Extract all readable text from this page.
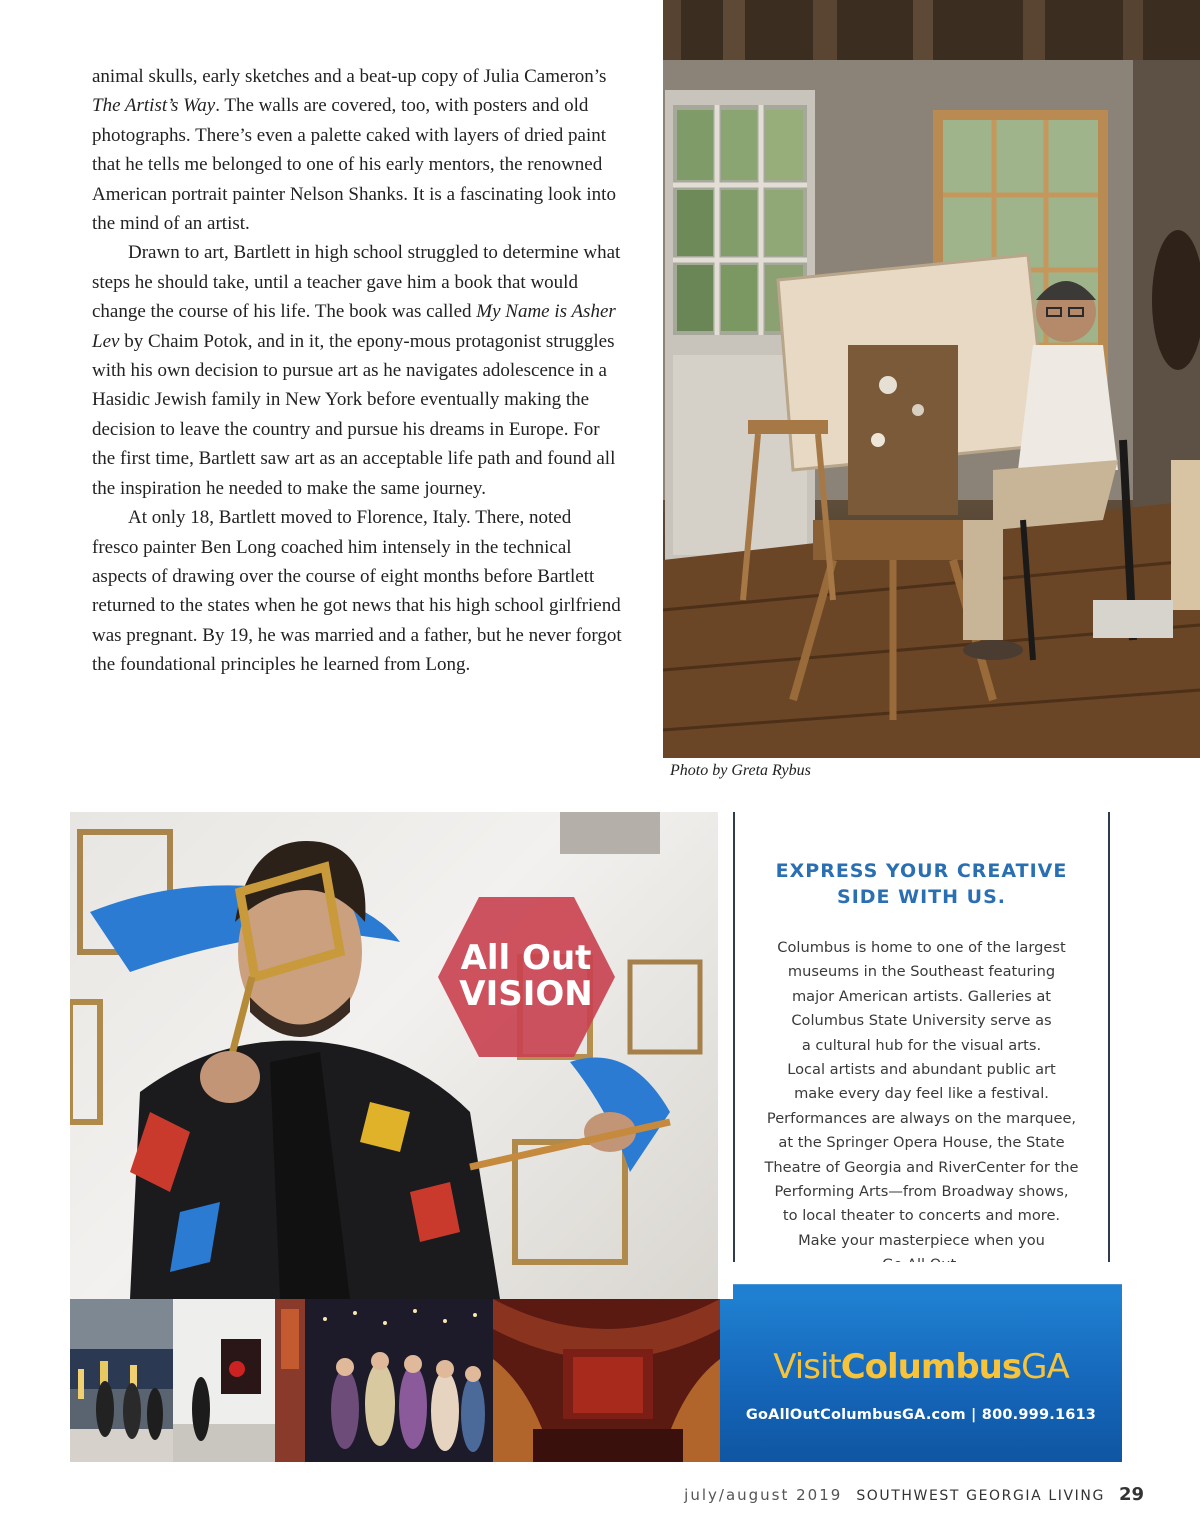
animal skulls, early sketches and a beat-up copy of Julia Cameron’s The Artist’s Way. The walls are covered, too, with posters and old photographs. There’s even a palette caked with layers of dried paint that he tells me belonged to one of his early mentors, the renowned American portrait painter Nelson Shanks. It is a fascinating look into the mind of an artist.

Drawn to art, Bartlett in high school struggled to determine what steps he should take, until a teacher gave him a book that would change the course of his life. The book was called My Name is Asher Lev by Chaim Potok, and in it, the epony-mous protagonist struggles with his own decision to pursue art as he navigates adolescence in a Hasidic Jewish family in New York before eventually making the decision to leave the country and pursue his dreams in Europe. For the first time, Bartlett saw art as an acceptable life path and found all the inspiration he needed to make the same journey.

At only 18, Bartlett moved to Florence, Italy. There, noted fresco painter Ben Long coached him intensely in the technical aspects of drawing over the course of eight months before Bartlett returned to the states when he got news that his high school girlfriend was pregnant. By 19, he was married and a father, but he never forgot the foundational principles he learned from Long.

Photo by Greta Rybus
All Out
VISION
EXPRESS YOUR CREATIVE
SIDE WITH US.
Columbus is home to one of the largest
museums in the Southeast featuring
major American artists. Galleries at
Columbus State University serve as
a cultural hub for the visual arts.
Local artists and abundant public art
make every day feel like a festival.
Performances are always on the marquee,
at the Springer Opera House, the State
Theatre of Georgia and RiverCenter for the
Performing Arts—from Broadway shows,
to local theater to concerts and more.
Make your masterpiece when you
VisitColumbusGA
GoAllOutColumbusGA.com | 800.999.1613
july/august 2019 SOUTHWEST GEORGIA LIVING 29
